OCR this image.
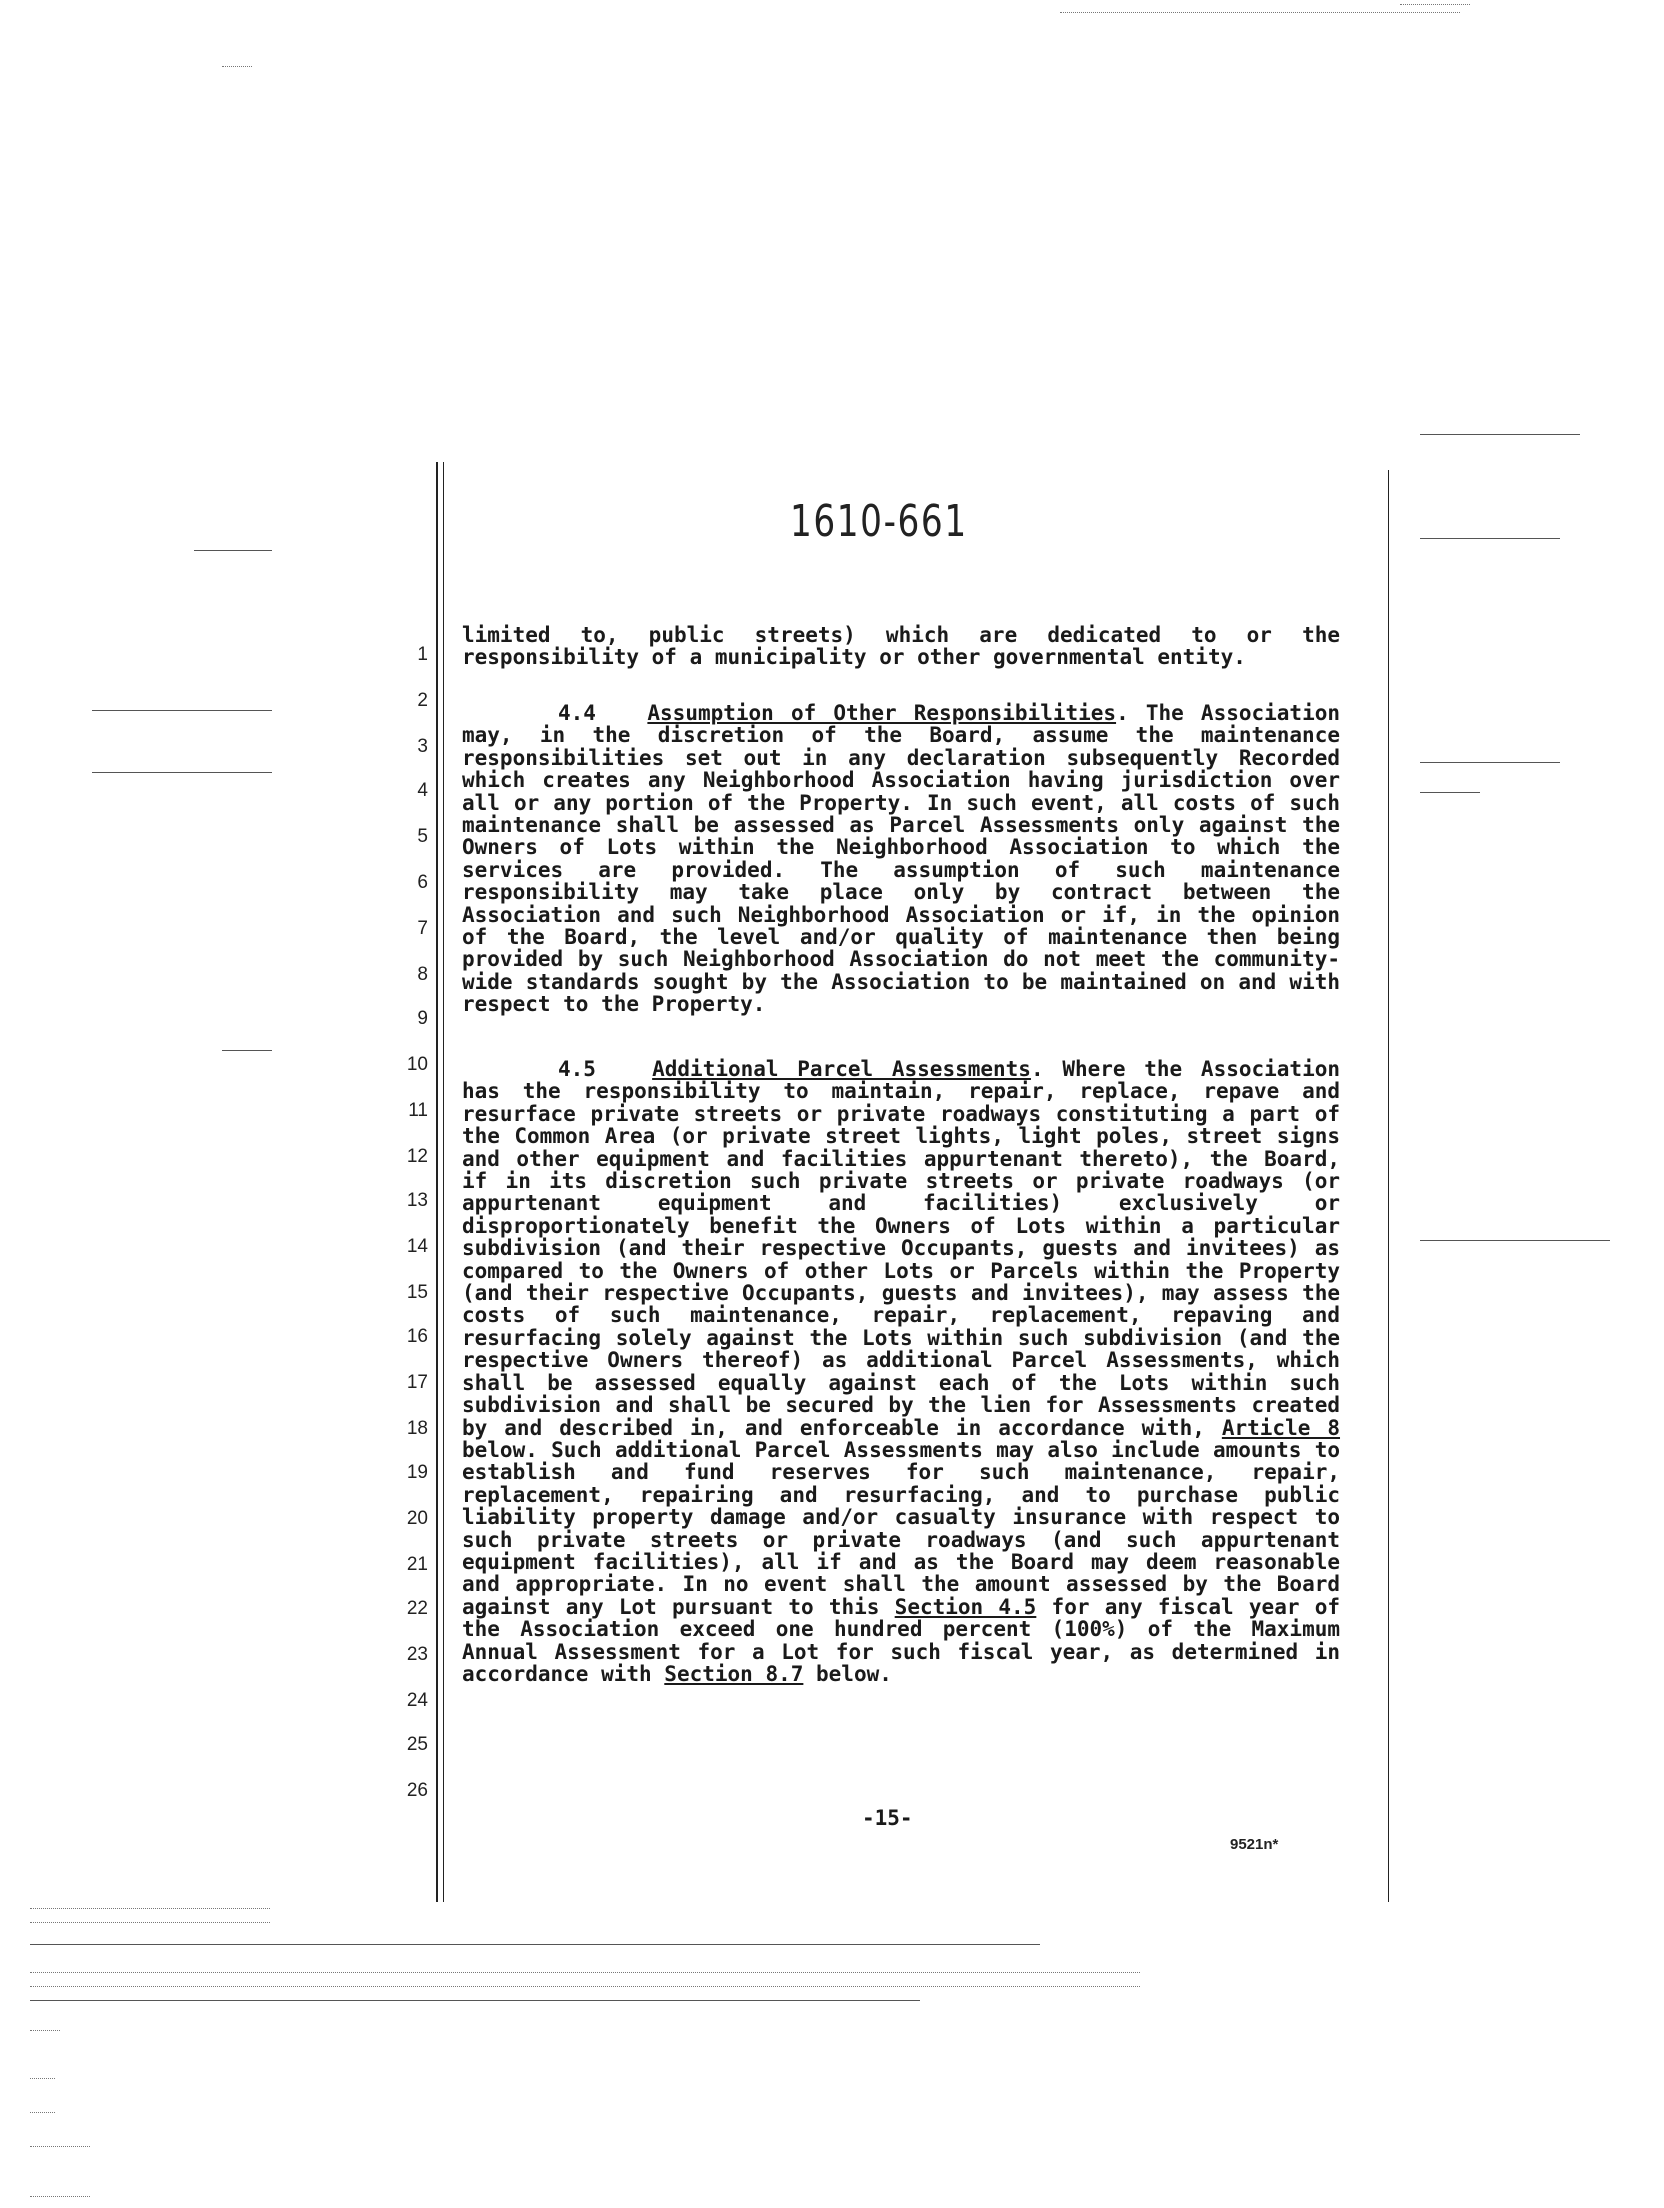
1610-661
1
2
3
4
5
6
7
8
9
10
11
12
13
14
15
16
17
18
19
20
21
22
23
24
25
26
limited to, public streets) which are dedicated to or the responsibility of a municipality or other governmental entity.
4.4 Assumption of Other Responsibilities. The Association may, in the discretion of the Board, assume the maintenance responsibilities set out in any declaration subsequently Recorded which creates any Neighborhood Association having jurisdiction over all or any portion of the Property. In such event, all costs of such maintenance shall be assessed as Parcel Assessments only against the Owners of Lots within the Neighborhood Association to which the services are provided. The assumption of such maintenance responsibility may take place only by contract between the Association and such Neighborhood Association or if, in the opinion of the Board, the level and/or quality of maintenance then being provided by such Neighborhood Association do not meet the community-wide standards sought by the Association to be maintained on and with respect to the Property.
4.5	Additional Parcel Assessments. Where the Association has the responsibility to maintain, repair, replace, repave and resurface private streets or private roadways constituting a part of the Common Area (or private street lights, light poles, street signs and other equipment and facilities appurtenant thereto), the Board, if in its discretion such private streets or private roadways (or appurtenant equipment and facilities) exclusively or disproportionately benefit the Owners of Lots within a particular subdivision (and their respective Occupants, guests and invitees) as compared to the Owners of other Lots or Parcels within the Property (and their respective Occupants, guests and invitees), may assess the costs of such maintenance, repair, replacement, repaving and resurfacing solely against the Lots within such subdivision (and the respective Owners thereof) as additional Parcel Assessments, which shall be assessed equally against each of the Lots within such subdivision and shall be secured by the lien for Assessments created by and described in, and enforceable in accordance with, Article 8 below. Such additional Parcel Assessments may also include amounts to establish and fund reserves for such maintenance, repair, replacement, repairing and resurfacing, and to purchase public liability property damage and/or casualty insurance with respect to such private streets or private roadways (and such appurtenant equipment facilities), all if and as the Board may deem reasonable and appropriate. In no event shall the amount assessed by the Board against any Lot pursuant to this Section 4.5 for any fiscal year of the Association exceed one hundred percent (100%) of the Maximum Annual Assessment for a Lot for such fiscal year, as determined in accordance with Section 8.7 below.
-15-
9521n*
